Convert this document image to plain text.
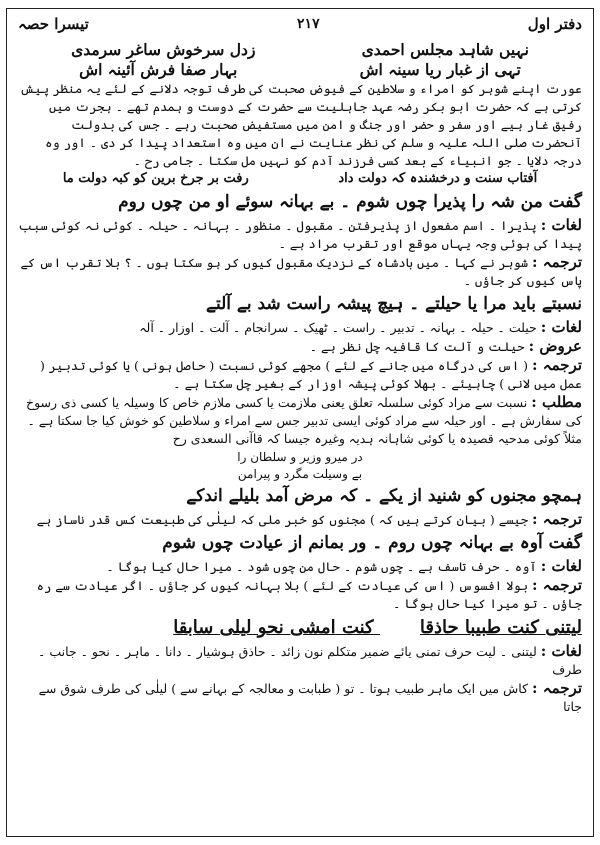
تیسرا حصہ	۲۱۷	دفتر اول
نہیں شاہد مجلس احمدی
زدل سرخوش ساغر سرمدی
تہی از غبار ریا سینہ اش
بہار صفا فرش آئینہ اش

عورت اپنے شوہر کو امراء و سلاطین کے فیوض صحبت کی طرف توجہ دلانے کے لئے یہ منظر پیش کرتی ہے کہ حضرت ابو بکر رضہ عہد جاہلیت سے حضرت کے دوست و ہمدم تھے ۔ ہجرت میں رفیق غار ہیے اور سفر و حضر اور جنگ و امن میں مستفیض صحبت رہے ۔ جس کی بدولت آنحضرت صلی اللہ علیہ و سلم کی نظر عنایت نے ان میں وہ استعداد پیدا کر دی ۔ اور وہ درجہ دلایا ۔ جو انبیاء کے بعد کسی فرزند آدم کو نہیں مل سکتا ۔ جامی رح ۔

آفتاب سنت و درخشندہ کہ دولت داد
رفت بر جرخ برین کو کبہ دولت ما
گفت من شہ را پذیرا چوں شوم ۔ بے بہانہ سوئے او من چوں روم

لغات : پذیرا ۔ اسم مفعول از پذیرفتن ۔ مقبول ۔ منظور ۔ بہانہ ۔ حیلہ ۔ کوئی نہ کوئی سبب پیدا کی ہوئی وجہ یہاں موقع اور تقرب مراد ہے ۔

ترجمہ : شوہر نے کہا ۔ میں بادشاہ کے نزدیک مقبول کیوں کر ہو سکتا ہوں ۔ ؟ بلا تقرب اس کے پاس کیوں کر جاؤں ۔

نسبتے باید مرا یا حیلتے ۔ ہیچ پیشہ راست شد بے آلتے

لغات : حیلت ۔ حیلہ ۔ بہانہ ۔ تدبیر ۔ راست ۔ ٹھیک ۔ سرانجام ۔ آلت ۔ اوزار ۔ آلہ

عروض : حیلت و آلت کا قافیہ چل نظر ہے ۔

ترجمہ : ( اس کی درگاہ میں جانے کے لئے ) مجھے کوئی نسبت ( حاصل ہونی ) یا کوئی تدبیر ( عمل میں لانی ) چاہیئے ۔ بھلا کوئی پیشہ اوزار کے بغیر چل سکتا ہے ۔

مطلب : نسبت سے مراد کوئی سلسلہ تعلق یعنی ملازمت یا کسی ملازم خاص کا وسیلہ یا کسی ذی رسوخ کی سفارش ہے ۔ اور حیلہ سے مراد کوئی ایسی تدبیر جس سے امراء و سلاطین کو خوش کیا جا سکتا ہے ۔ مثلاً کوئی مدحیہ قصیدہ یا کوئی شاہانہ ہدیہ وغیرہ جیسا کہ قاآنی السعدی رح

در میرو وزیر و سلطان را
بے وسیلت مگرد و پیرامن
ہمچو مجنوں کو شنید از یکے ۔ کہ مرض آمد بلیلے اندکے

ترجمہ : جیسے ( بیان کرتے ہیں کہ ) مجنوں کو خبر ملی کہ لیلٰی کی طبیعت کس قدر ناساز ہے

گفت آوہ بے بہانہ چوں روم ۔ ور بمانم از عیادت چوں شوم

لغات : آوہ ۔ حرف تاسف ہے ۔ چوں شوم ۔ حال من چوں شود ۔ میرا حال کیا ہوگا ۔

ترجمہ : بولا افسوس ( اس کی عیادت کے لئے ) بلا بہانہ کیوں کر جاؤں ۔ اگر عیادت سے رہ جاؤں ۔ تو میرا کیا حال ہوگا ۔

لیتنی کنت طبیبا حاذقا کنت امشی نحو لیلی سابقا

لغات : لیتنی ۔ لیت حرف تمنی یائے ضمیر متکلم نون زائد ۔ حاذق ہوشیار ۔ دانا ۔ ماہر ۔ نحو ۔ جانب ۔ طرف

ترجمہ : کاش میں ایک ماہر طبیب ہوتا ۔ تو ( طبابت و معالجہ کے بہانے سے ) لیلٰی کی طرف شوق سے جاتا
